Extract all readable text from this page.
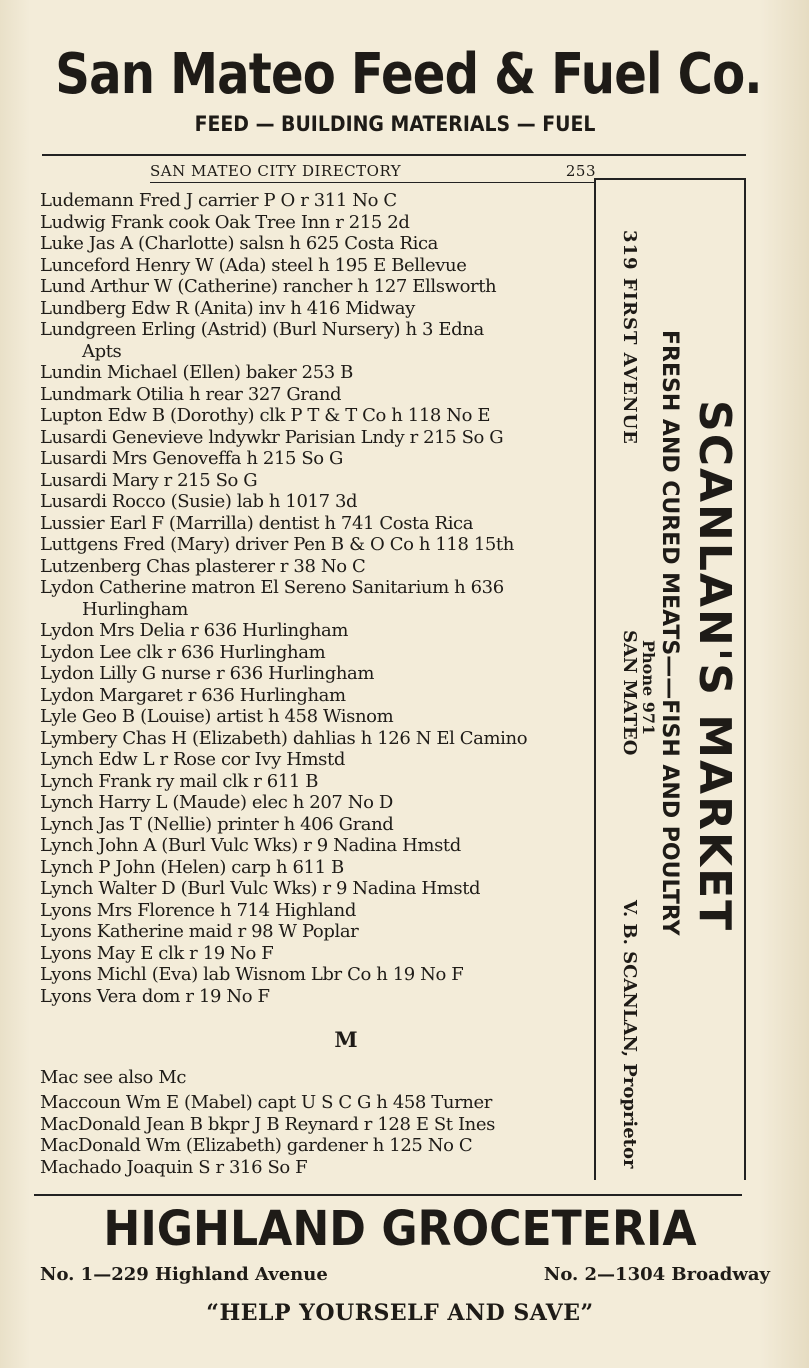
San Mateo Feed & Fuel Co.
FEED — BUILDING MATERIALS — FUEL
SAN MATEO CITY DIRECTORY	253
Ludemann Fred J carrier P O r 311 No C
Ludwig Frank cook Oak Tree Inn r 215 2d
Luke Jas A (Charlotte) salsn h 625 Costa Rica
Lunceford Henry W (Ada) steel h 195 E Bellevue
Lund Arthur W (Catherine) rancher h 127 Ellsworth
Lundberg Edw R (Anita) inv h 416 Midway
Lundgreen Erling (Astrid) (Burl Nursery) h 3 Edna
Apts
Lundin Michael (Ellen) baker 253 B
Lundmark Otilia h rear 327 Grand
Lupton Edw B (Dorothy) clk P T & T Co h 118 No E
Lusardi Genevieve lndywkr Parisian Lndy r 215 So G
Lusardi Mrs Genoveffa h 215 So G
Lusardi Mary r 215 So G
Lusardi Rocco (Susie) lab h 1017 3d
Lussier Earl F (Marrilla) dentist h 741 Costa Rica
Luttgens Fred (Mary) driver Pen B & O Co h 118 15th
Lutzenberg Chas plasterer r 38 No C
Lydon Catherine matron El Sereno Sanitarium h 636
Hurlingham
Lydon Mrs Delia r 636 Hurlingham
Lydon Lee clk r 636 Hurlingham
Lydon Lilly G nurse r 636 Hurlingham
Lydon Margaret r 636 Hurlingham
Lyle Geo B (Louise) artist h 458 Wisnom
Lymbery Chas H (Elizabeth) dahlias h 126 N El Camino
Lynch Edw L r Rose cor Ivy Hmstd
Lynch Frank ry mail clk r 611 B
Lynch Harry L (Maude) elec h 207 No D
Lynch Jas T (Nellie) printer h 406 Grand
Lynch John A (Burl Vulc Wks) r 9 Nadina Hmstd
Lynch P John (Helen) carp h 611 B
Lynch Walter D (Burl Vulc Wks) r 9 Nadina Hmstd
Lyons Mrs Florence h 714 Highland
Lyons Katherine maid r 98 W Poplar
Lyons May E clk r 19 No F
Lyons Michl (Eva) lab Wisnom Lbr Co h 19 No F
Lyons Vera dom r 19 No F
M
Mac see also Mc
Maccoun Wm E (Mabel) capt U S C G h 458 Turner
MacDonald Jean B bkpr J B Reynard r 128 E St Ines
MacDonald Wm (Elizabeth) gardener h 125 No C
Machado Joaquin S r 316 So F
SCANLAN'S MARKET
FRESH AND CURED MEATS——FISH AND POULTRY
319 FIRST AVENUE
Phone 971
SAN MATEO
V. B. SCANLAN, Proprietor
HIGHLAND GROCETERIA
No. 1—229 Highland Avenue	No. 2—1304 Broadway
“HELP YOURSELF AND SAVE”
